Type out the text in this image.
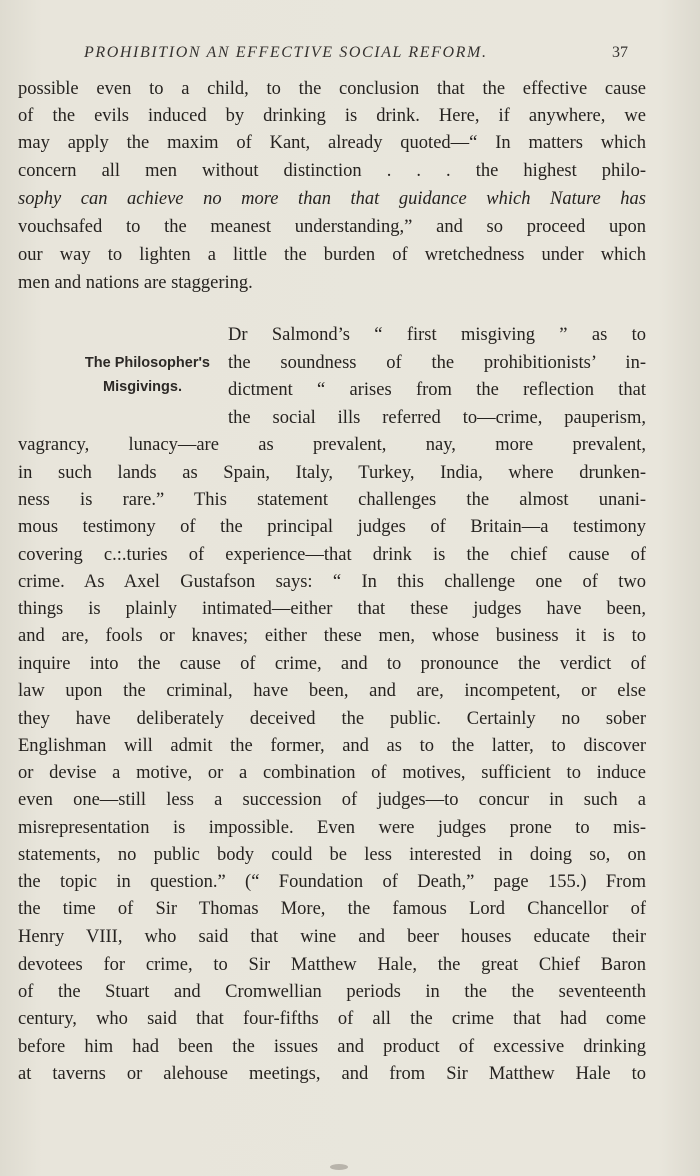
PROHIBITION AN EFFECTIVE SOCIAL REFORM.	37
possible even to a child, to the conclusion that the effective cause
of the evils induced by drinking is drink. Here, if anywhere, we
may apply the maxim of Kant, already quoted—“ In matters which
concern all men without distinction . . . the highest philo-
sophy can achieve no more than that guidance which Nature has
vouchsafed to the meanest understanding,” and so proceed upon
our way to lighten a little the burden of wretchedness under which
men and nations are staggering.
The Philosopher's
Misgivings.
Dr Salmond’s “ first misgiving ” as to
the soundness of the prohibitionists’ in-
dictment “ arises from the reflection that
the social ills referred to—crime, pauperism,
vagrancy, lunacy—are as prevalent, nay, more prevalent,
in such lands as Spain, Italy, Turkey, India, where drunken-
ness is rare.” This statement challenges the almost unani-
mous testimony of the principal judges of Britain—a testimony
covering c.:.turies of experience—that drink is the chief cause of
crime. As Axel Gustafson says: “ In this challenge one of two
things is plainly intimated—either that these judges have been,
and are, fools or knaves; either these men, whose business it is to
inquire into the cause of crime, and to pronounce the verdict of
law upon the criminal, have been, and are, incompetent, or else
they have deliberately deceived the public. Certainly no sober
Englishman will admit the former, and as to the latter, to discover
or devise a motive, or a combination of motives, sufficient to induce
even one—still less a succession of judges—to concur in such a
misrepresentation is impossible. Even were judges prone to mis-
statements, no public body could be less interested in doing so, on
the topic in question.” (“ Foundation of Death,” page 155.) From
the time of Sir Thomas More, the famous Lord Chancellor of
Henry VIII, who said that wine and beer houses educate their
devotees for crime, to Sir Matthew Hale, the great Chief Baron
of the Stuart and Cromwellian periods in the the seventeenth
century, who said that four-fifths of all the crime that had come
before him had been the issues and product of excessive drinking
at taverns or alehouse meetings, and from Sir Matthew Hale to
